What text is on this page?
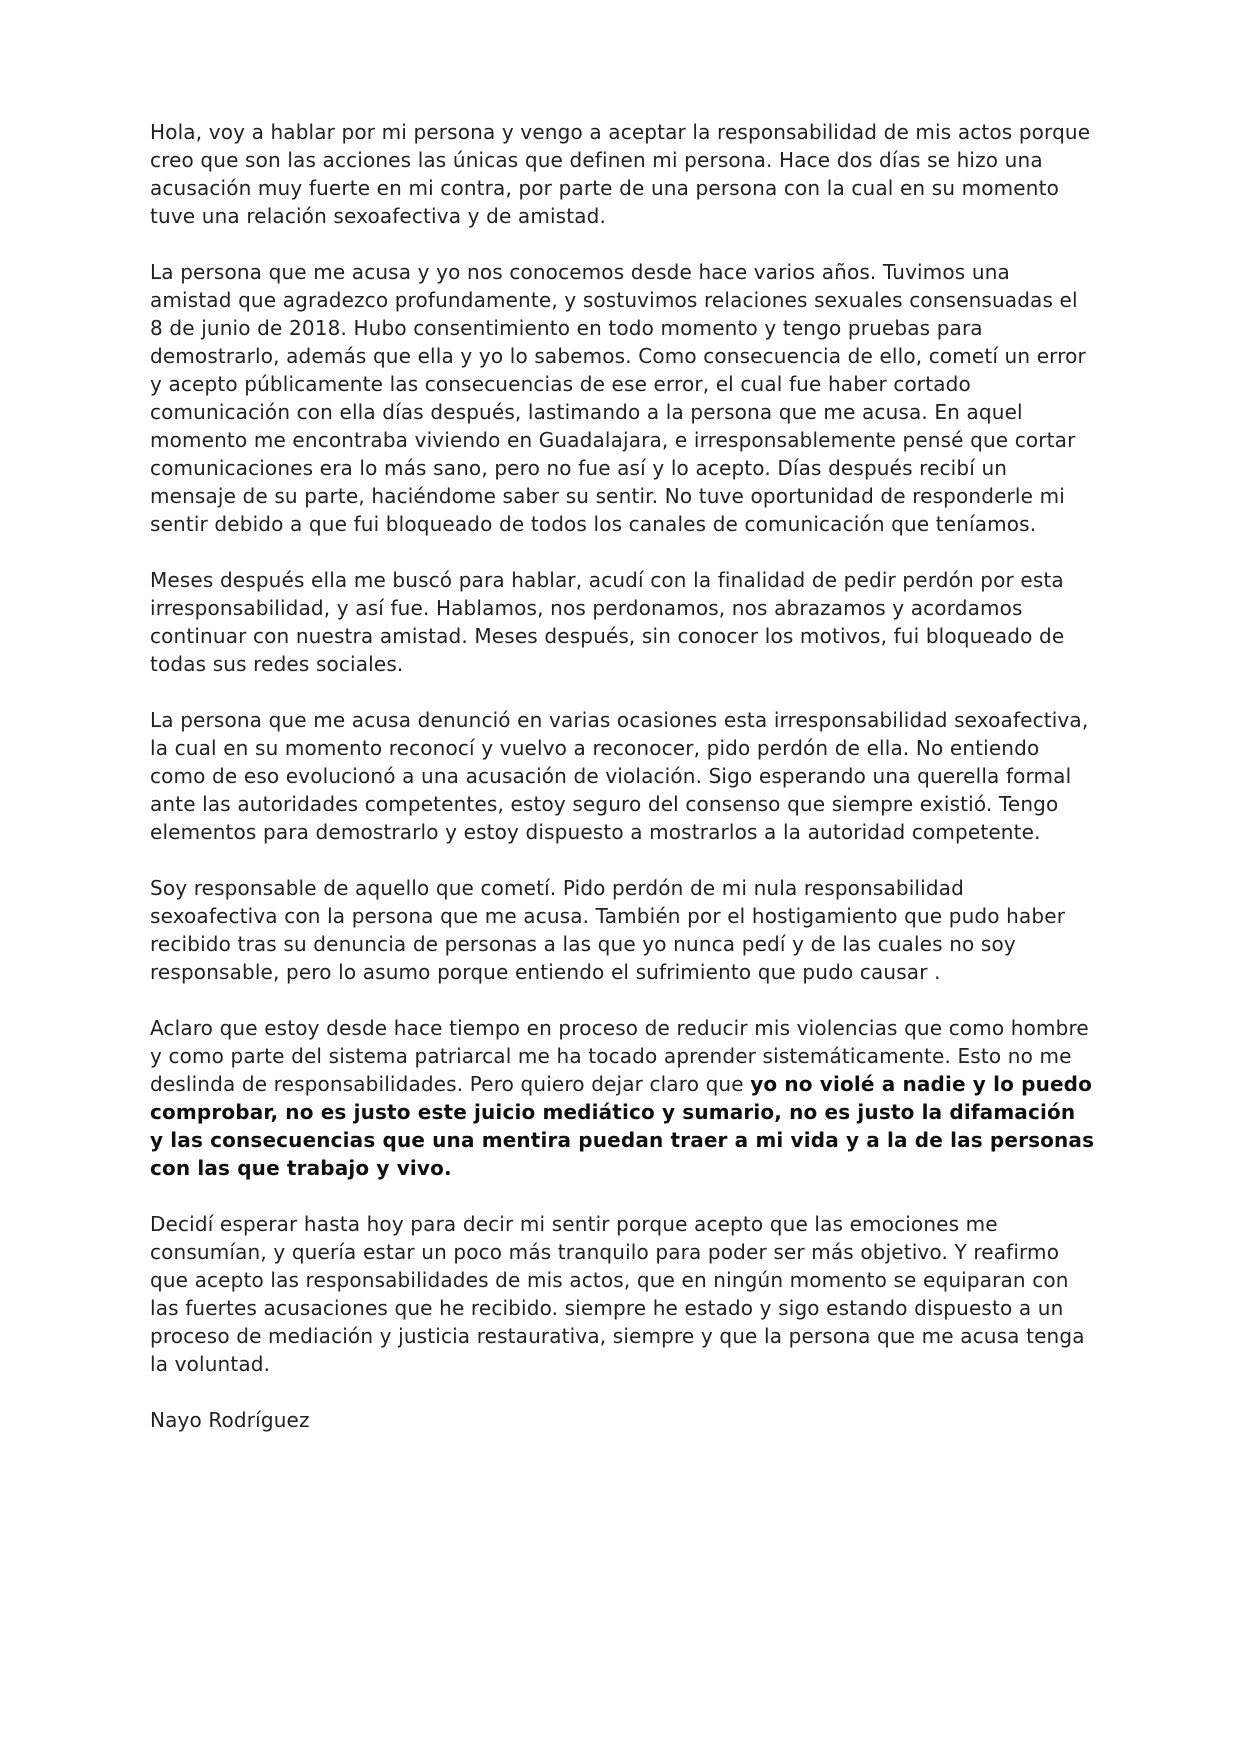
Hola, voy a hablar por mi persona y vengo a aceptar la responsabilidad de mis actos porque creo que son las acciones las únicas que definen mi persona. Hace dos días se hizo una acusación muy fuerte en mi contra, por parte de una persona con la cual en su momento tuve una relación sexoafectiva y de amistad.

La persona que me acusa y yo nos conocemos desde hace varios años. Tuvimos una amistad que agradezco profundamente, y sostuvimos relaciones sexuales consensuadas el 8 de junio de 2018. Hubo consentimiento en todo momento y tengo pruebas para demostrarlo, además que ella y yo lo sabemos. Como consecuencia de ello, cometí un error y acepto públicamente las consecuencias de ese error, el cual fue haber cortado comunicación con ella días después, lastimando a la persona que me acusa. En aquel momento me encontraba viviendo en Guadalajara, e irresponsablemente pensé que cortar comunicaciones era lo más sano, pero no fue así y lo acepto. Días después recibí un mensaje de su parte, haciéndome saber su sentir. No tuve oportunidad de responderle mi sentir debido a que fui bloqueado de todos los canales de comunicación que teníamos.

Meses después ella me buscó para hablar, acudí con la finalidad de pedir perdón por esta irresponsabilidad, y así fue. Hablamos, nos perdonamos, nos abrazamos y acordamos continuar con nuestra amistad. Meses después, sin conocer los motivos, fui bloqueado de todas sus redes sociales.

La persona que me acusa denunció en varias ocasiones esta irresponsabilidad sexoafectiva, la cual en su momento reconocí y vuelvo a reconocer, pido perdón de ella. No entiendo como de eso evolucionó a una acusación de violación. Sigo esperando una querella formal ante las autoridades competentes, estoy seguro del consenso que siempre existió. Tengo elementos para demostrarlo y estoy dispuesto a mostrarlos a la autoridad competente.

Soy responsable de aquello que cometí. Pido perdón de mi nula responsabilidad sexoafectiva con la persona que me acusa. También por el hostigamiento que pudo haber recibido tras su denuncia de personas a las que yo nunca pedí y de las cuales no soy responsable, pero lo asumo porque entiendo el sufrimiento que pudo causar .

Aclaro que estoy desde hace tiempo en proceso de reducir mis violencias que como hombre y como parte del sistema patriarcal me ha tocado aprender sistemáticamente. Esto no me deslinda de responsabilidades. Pero quiero dejar claro que yo no violé a nadie y lo puedo comprobar, no es justo este juicio mediático y sumario, no es justo la difamación y las consecuencias que una mentira puedan traer a mi vida y a la de las personas con las que trabajo y vivo.

Decidí esperar hasta hoy para decir mi sentir porque acepto que las emociones me consumían, y quería estar un poco más tranquilo para poder ser más objetivo. Y reafirmo que acepto las responsabilidades de mis actos, que en ningún momento se equiparan con las fuertes acusaciones que he recibido. siempre he estado y sigo estando dispuesto a un proceso de mediación y justicia restaurativa, siempre y que la persona que me acusa tenga la voluntad.

Nayo Rodríguez
